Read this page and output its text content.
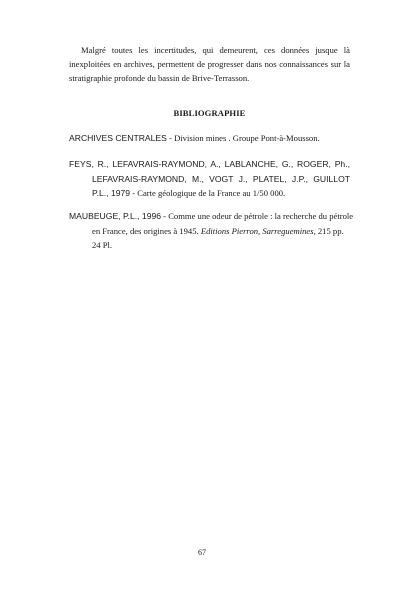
Malgré toutes les incertitudes, qui demeurent, ces données jusque là inexploitées en archives, permettent de progresser dans nos connaissances sur la stratigraphie profonde du bassin de Brive-Terrasson.

BIBLIOGRAPHIE

ARCHIVES CENTRALES - Division mines . Groupe Pont-à-Mousson.

FEYS, R., LEFAVRAIS-RAYMOND, A., LABLANCHE, G., ROGER, Ph.,
LEFAVRAIS-RAYMOND, M., VOGT J., PLATEL, J.P., GUILLOT
P.L., 1979 - Carte géologique de la France au 1/50 000.

MAUBEUGE, P.L., 1996 - Comme une odeur de pétrole : la recherche du pétrole
en France, des origines à 1945. Editions Pierron, Sarreguemines, 215 pp.
24 Pl.

67
